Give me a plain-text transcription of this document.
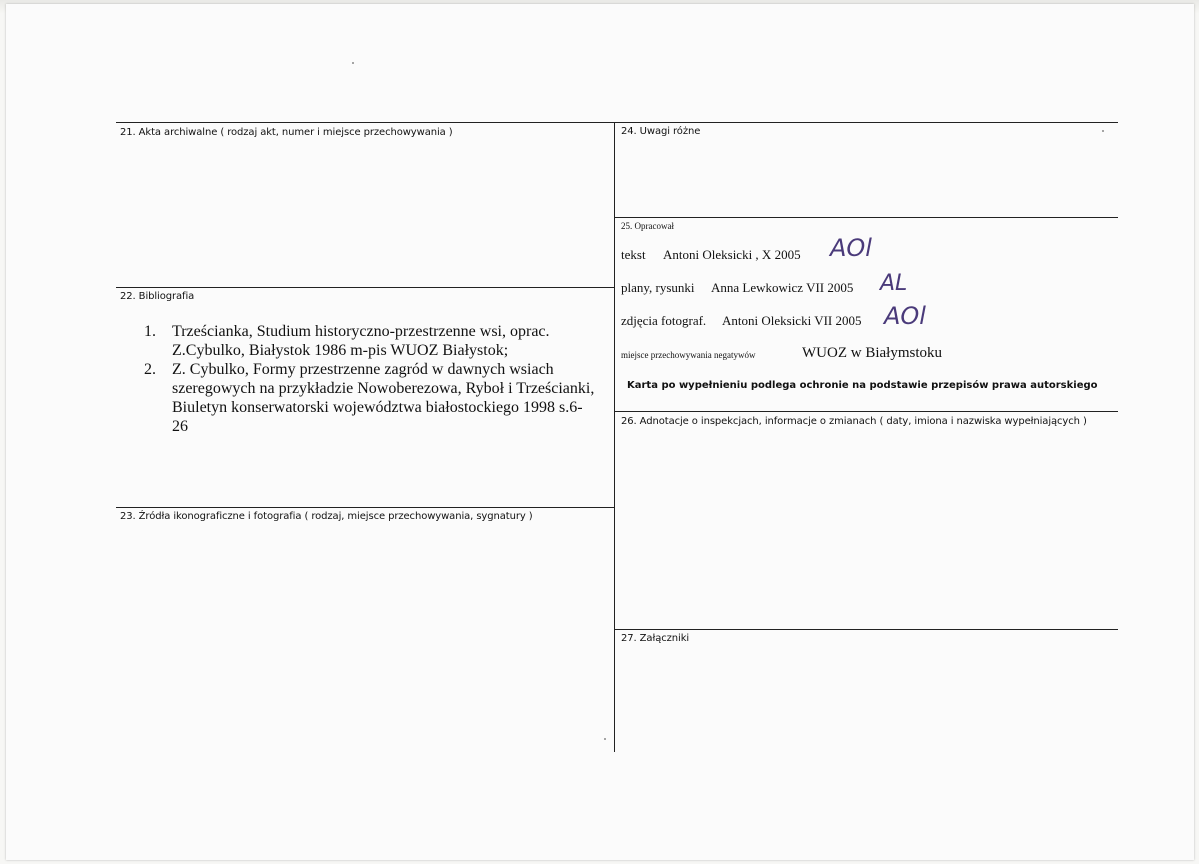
21. Akta archiwalne ( rodzaj akt, numer i miejsce przechowywania )
22. Bibliografia
1. Trześcianka, Studium historyczno-przestrzenne wsi, oprac. Z.Cybulko, Białystok 1986 m-pis WUOZ Białystok;
2. Z. Cybulko, Formy przestrzenne zagród w dawnych wsiach szeregowych na przykładzie Nowoberezowa, Ryboł i Trześcianki, Biuletyn konserwatorski województwa białostockiego 1998 s.6- 26
23. Źródła ikonograficzne i fotografia ( rodzaj, miejsce przechowywania, sygnatury )
24. Uwagi różne
25. Opracował
tekst Antoni Oleksicki , X 2005 AOl
plany, rysunki Anna Lewkowicz VII 2005 AL
zdjęcia fotograf. Antoni Oleksicki VII 2005 AOl
miejsce przechowywania negatywów	WUOZ w Białymstoku
Karta po wypełnieniu podlega ochronie na podstawie przepisów prawa autorskiego
26. Adnotacje o inspekcjach, informacje o zmianach ( daty, imiona i nazwiska wypełniających )
27. Załączniki
